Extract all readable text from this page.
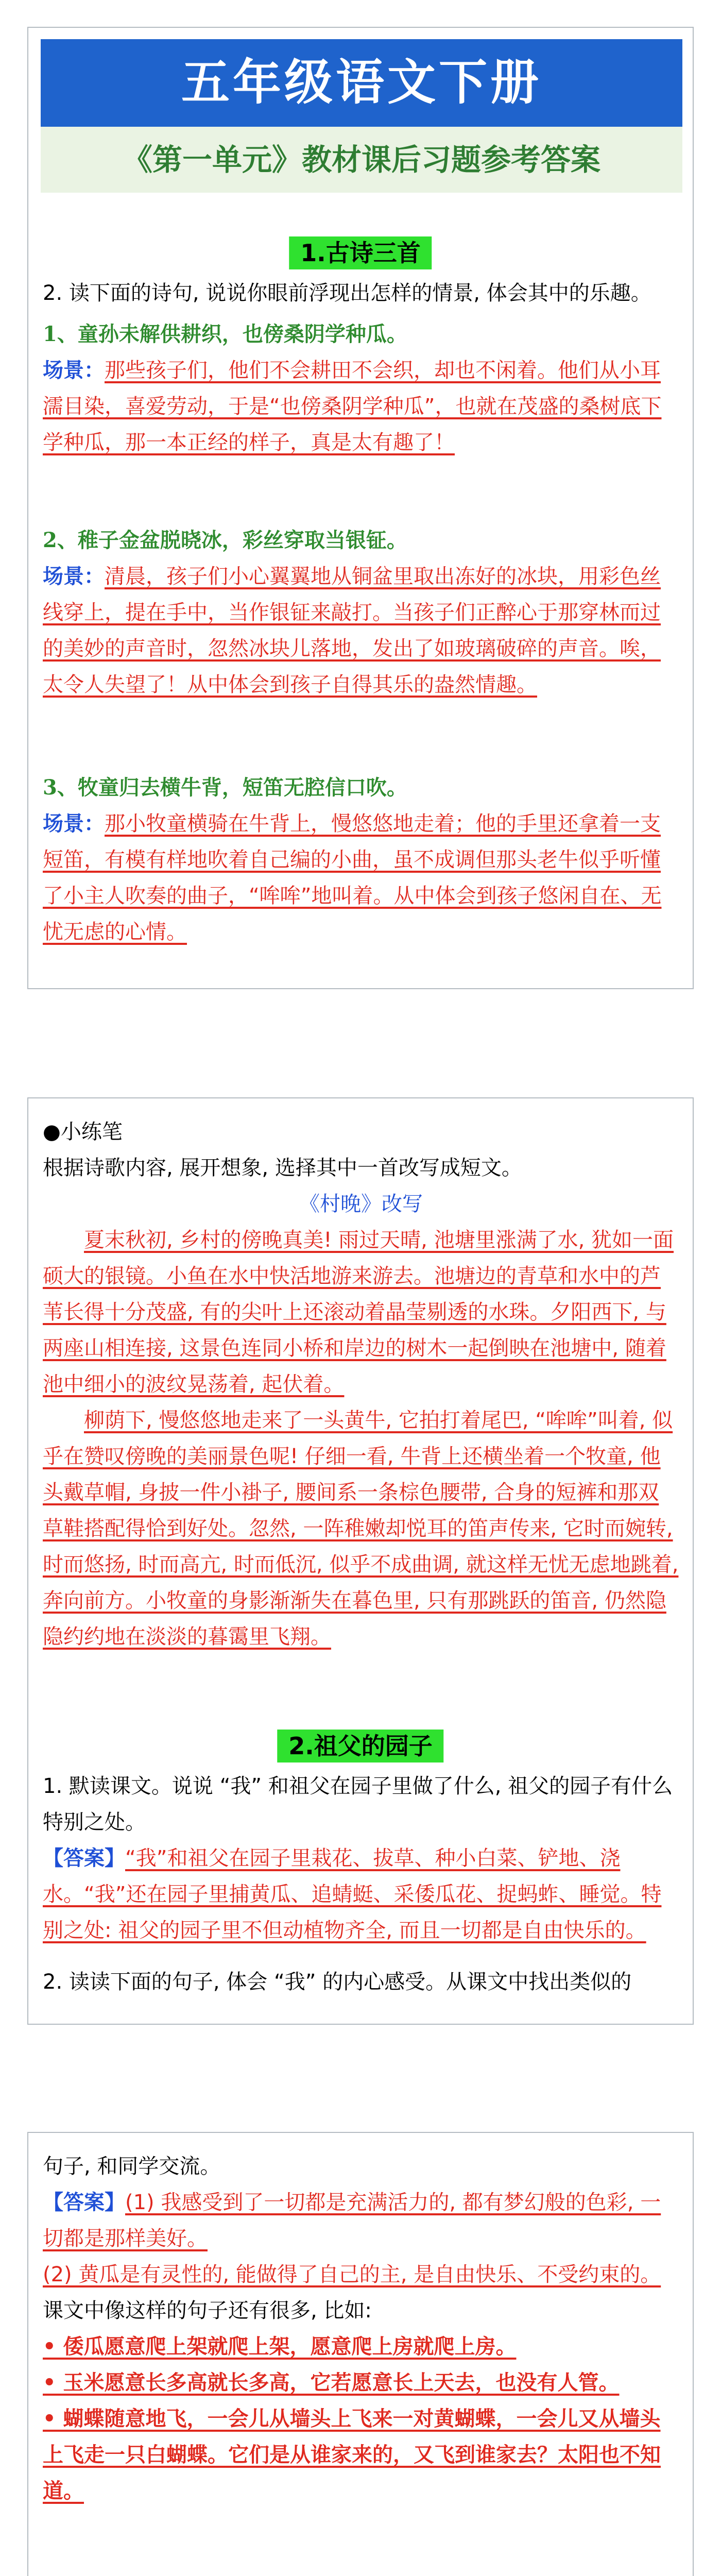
五年级语文下册
《第一单元》教材课后习题参考答案
1.古诗三首

2. 读下面的诗句, 说说你眼前浮现出怎样的情景, 体会其中的乐趣。

1、童孙未解供耕织，也傍桑阴学种瓜。

场景：那些孩子们，他们不会耕田不会织，却也不闲着。他们从小耳濡目染，喜爱劳动，于是“也傍桑阴学种瓜”，也就在茂盛的桑树底下学种瓜，那一本正经的样子，真是太有趣了！

2、稚子金盆脱晓冰，彩丝穿取当银钲。

场景：清晨，孩子们小心翼翼地从铜盆里取出冻好的冰块，用彩色丝线穿上，提在手中，当作银钲来敲打。当孩子们正醉心于那穿林而过的美妙的声音时，忽然冰块儿落地，发出了如玻璃破碎的声音。唉，太令人失望了！从中体会到孩子自得其乐的盎然情趣。

3、牧童归去横牛背，短笛无腔信口吹。

场景：那小牧童横骑在牛背上，慢悠悠地走着；他的手里还拿着一支短笛，有模有样地吹着自己编的小曲，虽不成调但那头老牛似乎听懂了小主人吹奏的曲子，“哞哞”地叫着。从中体会到孩子悠闲自在、无忧无虑的心情。

●小练笔

根据诗歌内容, 展开想象, 选择其中一首改写成短文。

《村晚》改写

夏末秋初, 乡村的傍晚真美! 雨过天晴, 池塘里涨满了水, 犹如一面硕大的银镜。小鱼在水中快活地游来游去。池塘边的青草和水中的芦苇长得十分茂盛, 有的尖叶上还滚动着晶莹剔透的水珠。夕阳西下, 与两座山相连接, 这景色连同小桥和岸边的树木一起倒映在池塘中, 随着池中细小的波纹晃荡着, 起伏着。

柳荫下, 慢悠悠地走来了一头黄牛, 它拍打着尾巴, “哞哞”叫着, 似乎在赞叹傍晚的美丽景色呢! 仔细一看, 牛背上还横坐着一个牧童, 他头戴草帽, 身披一件小褂子, 腰间系一条棕色腰带, 合身的短裤和那双草鞋搭配得恰到好处。忽然, 一阵稚嫩却悦耳的笛声传来, 它时而婉转, 时而悠扬, 时而高亢, 时而低沉, 似乎不成曲调, 就这样无忧无虑地跳着, 奔向前方。小牧童的身影渐渐失在暮色里, 只有那跳跃的笛音, 仍然隐隐约约地在淡淡的暮霭里飞翔。

2.祖父的园子

1. 默读课文。说说 “我” 和祖父在园子里做了什么, 祖父的园子有什么特别之处。

【答案】“我”和祖父在园子里栽花、拔草、种小白菜、铲地、浇水。“我”还在园子里捕黄瓜、追蜻蜓、采倭瓜花、捉蚂蚱、睡觉。特别之处: 祖父的园子里不但动植物齐全, 而且一切都是自由快乐的。

2. 读读下面的句子, 体会 “我” 的内心感受。从课文中找出类似的

句子, 和同学交流。

【答案】(1) 我感受到了一切都是充满活力的, 都有梦幻般的色彩, 一切都是那样美好。

(2) 黄瓜是有灵性的, 能做得了自己的主, 是自由快乐、不受约束的。

课文中像这样的句子还有很多, 比如:

• 倭瓜愿意爬上架就爬上架，愿意爬上房就爬上房。

• 玉米愿意长多高就长多高，它若愿意长上天去，也没有人管。

• 蝴蝶随意地飞，一会儿从墙头上飞来一对黄蝴蝶，一会儿又从墙头上飞走一只白蝴蝶。它们是从谁家来的，又飞到谁家去？太阳也不知道。
